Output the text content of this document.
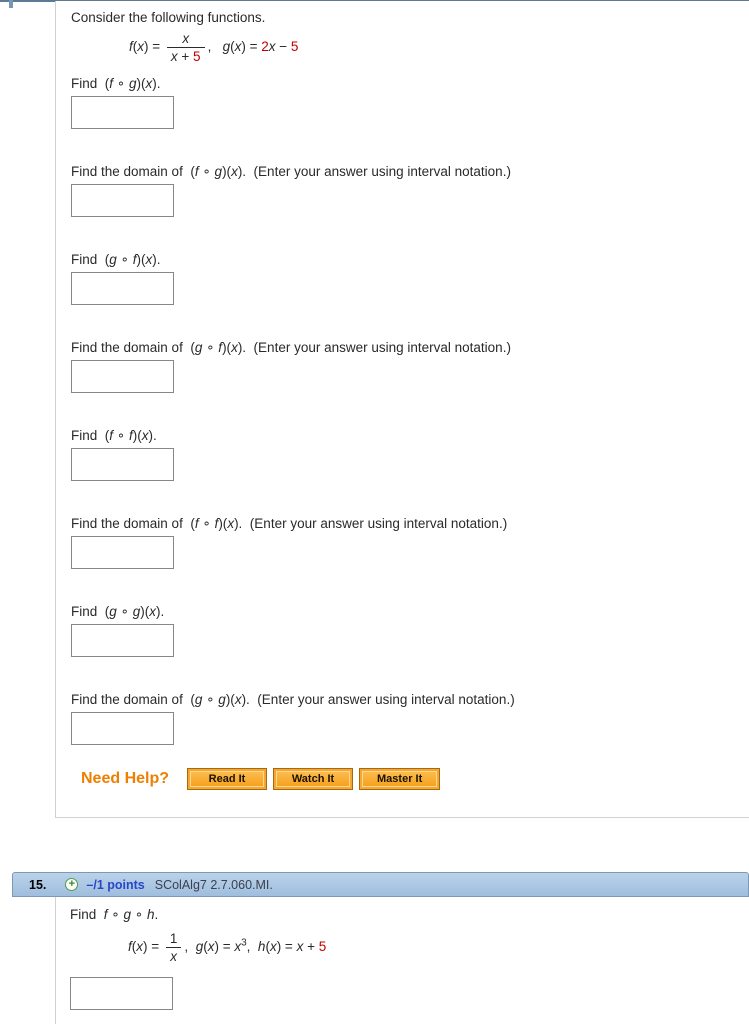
Consider the following functions.

$f(x) = \frac{x}{x + 5}$ ,   g(x) = 2x − 5
Find  (f ∘ g)(x).
Find the domain of  (f ∘ g)(x).  (Enter your answer using interval notation.)
Find  (g ∘ f)(x).
Find the domain of  (g ∘ f)(x).  (Enter your answer using interval notation.)
Find  (f ∘ f)(x).
Find the domain of  (f ∘ f)(x).  (Enter your answer using interval notation.)
Find  (g ∘ g)(x).
Find the domain of  (g ∘ g)(x).  (Enter your answer using interval notation.)
Need Help?	Read It	Watch It	Master It
15. + –/1 points SColAlg7 2.7.060.MI.

Find  f ∘ g ∘ h.

$f(x) = \frac{1}{x}$ ,  $g(x) = x^3$,  h(x) = x + 5
